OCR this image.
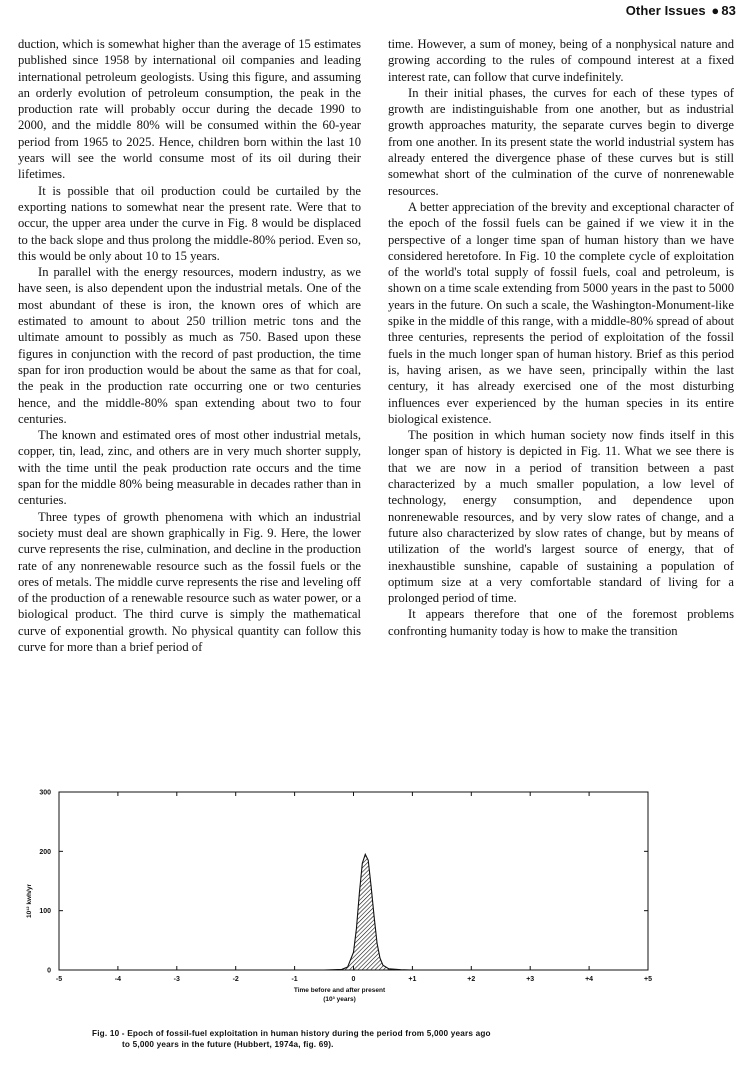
Other Issues ● 83

duction, which is somewhat higher than the average of 15 estimates published since 1958 by international oil companies and leading international petroleum geologists. Using this figure, and assuming an orderly evolution of petroleum consumption, the peak in the production rate will probably occur during the decade 1990 to 2000, and the middle 80% will be consumed within the 60-year period from 1965 to 2025. Hence, children born within the last 10 years will see the world consume most of its oil during their lifetimes.

It is possible that oil production could be curtailed by the exporting nations to somewhat near the present rate. Were that to occur, the upper area under the curve in Fig. 8 would be displaced to the back slope and thus prolong the middle-80% period. Even so, this would be only about 10 to 15 years.

In parallel with the energy resources, modern industry, as we have seen, is also dependent upon the industrial metals. One of the most abundant of these is iron, the known ores of which are estimated to amount to about 250 trillion metric tons and the ultimate amount to possibly as much as 750. Based upon these figures in conjunction with the record of past production, the time span for iron production would be about the same as that for coal, the peak in the production rate occurring one or two centuries hence, and the middle-80% span extending about two to four centuries.

The known and estimated ores of most other industrial metals, copper, tin, lead, zinc, and others are in very much shorter supply, with the time until the peak production rate occurs and the time span for the middle 80% being measurable in decades rather than in centuries.

Three types of growth phenomena with which an industrial society must deal are shown graphically in Fig. 9. Here, the lower curve represents the rise, culmination, and decline in the production rate of any nonrenewable resource such as the fossil fuels or the ores of metals. The middle curve represents the rise and leveling off of the production of a renewable resource such as water power, or a biological product. The third curve is simply the mathematical curve of exponential growth. No physical quantity can follow this curve for more than a brief period of

time. However, a sum of money, being of a nonphysical nature and growing according to the rules of compound interest at a fixed interest rate, can follow that curve indefinitely.

In their initial phases, the curves for each of these types of growth are indistinguishable from one another, but as industrial growth approaches maturity, the separate curves begin to diverge from one another. In its present state the world industrial system has already entered the divergence phase of these curves but is still somewhat short of the culmination of the curve of nonrenewable resources.

A better appreciation of the brevity and exceptional character of the epoch of the fossil fuels can be gained if we view it in the perspective of a longer time span of human history than we have considered heretofore. In Fig. 10 the complete cycle of exploitation of the world's total supply of fossil fuels, coal and petroleum, is shown on a time scale extending from 5000 years in the past to 5000 years in the future. On such a scale, the Washington-Monument-like spike in the middle of this range, with a middle-80% spread of about three centuries, represents the period of exploitation of the fossil fuels in the much longer span of human history. Brief as this period is, having arisen, as we have seen, principally within the last century, it has already exercised one of the most disturbing influences ever experienced by the human species in its entire biological existence.

The position in which human society now finds itself in this longer span of history is depicted in Fig. 11. What we see there is that we are now in a period of transition between a past characterized by a much smaller population, a low level of technology, energy consumption, and dependence upon nonrenewable resources, and by very slow rates of change, and a future also characterized by slow rates of change, but by means of utilization of the world's largest source of energy, that of inexhaustible sunshine, capable of sustaining a population of optimum size at a very comfortable standard of living for a prolonged period of time.

It appears therefore that one of the foremost problems confronting humanity today is how to make the transition

-5	-4	-3	-2	-1	0	+1	+2	+3	+4	+5
0
100
200
300
Time before and after present
(10³ years)
10¹² kwh/yr
Fig. 10 - Epoch of fossil-fuel exploitation in human history during the period from 5,000 years ago
to 5,000 years in the future (Hubbert, 1974a, fig. 69).
